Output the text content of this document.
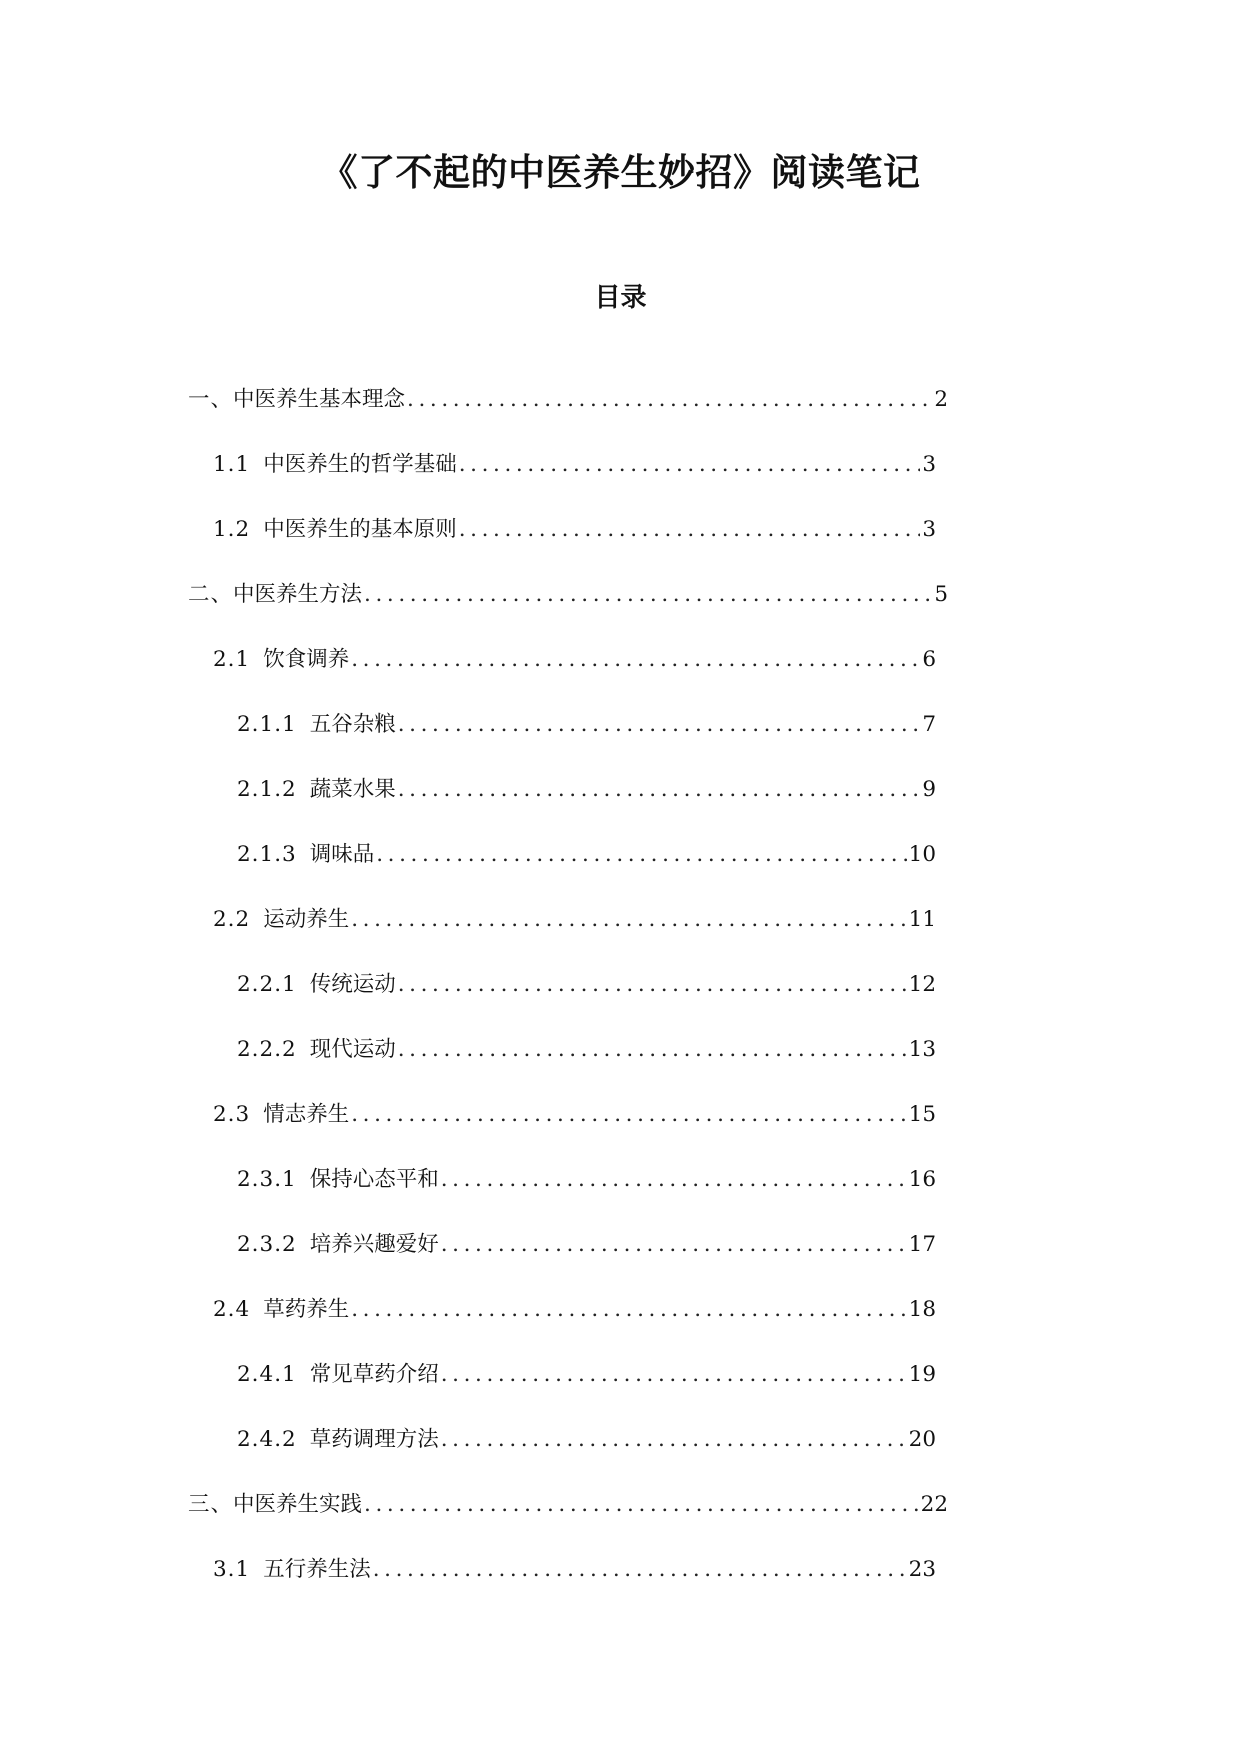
《了不起的中医养生妙招》阅读笔记
目录
一、 中医养生基本理念 .....	2
1.1 中医养生的哲学基础 .....	3
1.2 中医养生的基本原则 .....	3
二、 中医养生方法 .....	5
2.1 饮食调养 .....	6
2.1.1 五谷杂粮 .....	7
2.1.2 蔬菜水果 .....	9
2.1.3 调味品 .....	10
2.2 运动养生 .....	11
2.2.1 传统运动 .....	12
2.2.2 现代运动 .....	13
2.3 情志养生 .....	15
2.3.1 保持心态平和 .....	16
2.3.2 培养兴趣爱好 .....	17
2.4 草药养生 .....	18
2.4.1 常见草药介绍 .....	19
2.4.2 草药调理方法 .....	20
三、 中医养生实践 .....	22
3.1 五行养生法 .....	23
